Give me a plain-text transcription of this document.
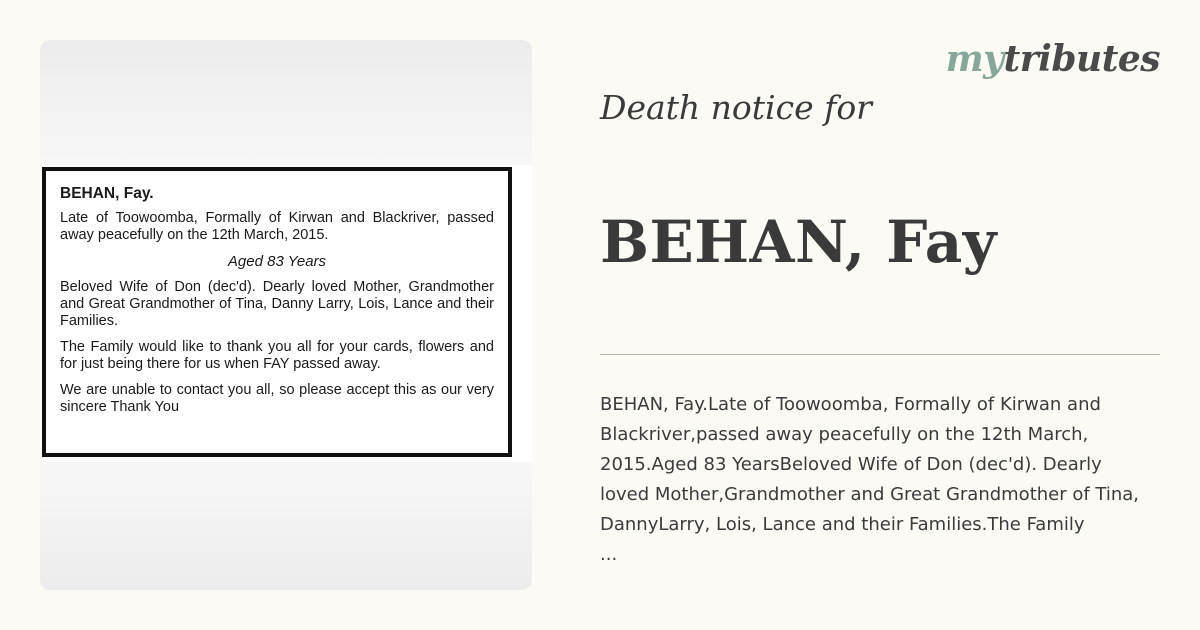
BEHAN, Fay.

Late of Toowoomba, Formally of Kirwan and Blackriver, passed away peacefully on the 12th March, 2015.

Aged 83 Years

Beloved Wife of Don (dec'd). Dearly loved Mother, Grandmother and Great Grandmother of Tina, Danny Larry, Lois, Lance and their Families.

The Family would like to thank you all for your cards, flowers and for just being there for us when FAY passed away.

We are unable to contact you all, so please accept this as our very sincere Thank You

mytributes
Death notice for
BEHAN, Fay

BEHAN, Fay.Late of Toowoomba, Formally of Kirwan and
Blackriver,passed away peacefully on the 12th March,
2015.Aged 83 YearsBeloved Wife of Don (dec'd). Dearly
loved Mother,Grandmother and Great Grandmother of Tina,
DannyLarry, Lois, Lance and their Families.The Family
...
